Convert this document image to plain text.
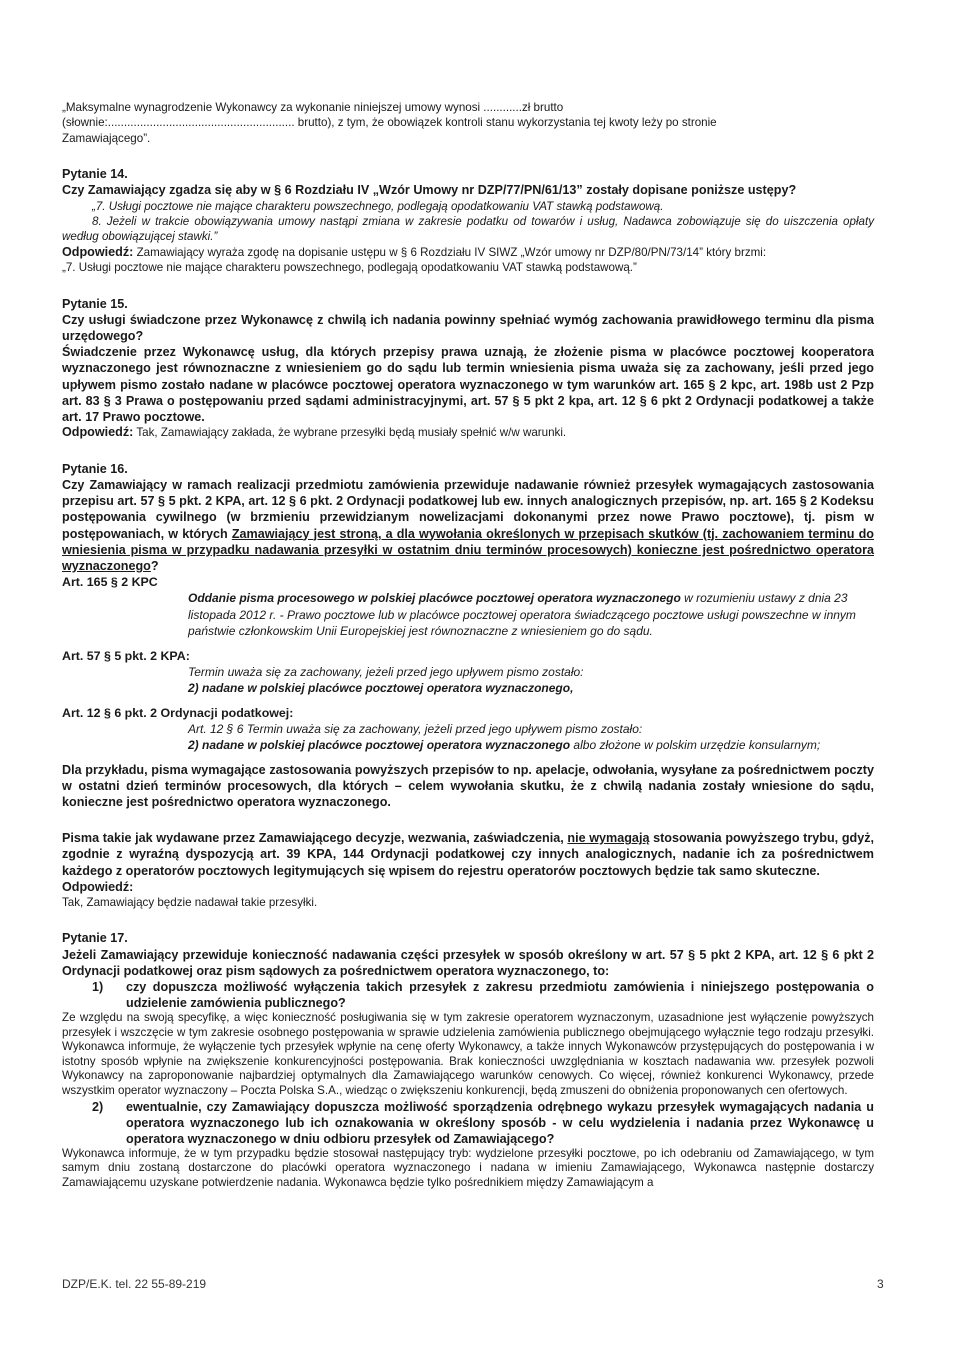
„Maksymalne wynagrodzenie Wykonawcy za wykonanie niniejszej umowy wynosi ............zł brutto
(słownie:.......................................................... brutto), z tym, że obowiązek kontroli stanu wykorzystania tej kwoty leży po stronie
Zamawiającego”.

Pytanie 14.

Czy Zamawiający zgadza się aby w § 6 Rozdziału IV „Wzór Umowy nr DZP/77/PN/61/13” zostały dopisane poniższe ustępy?

„7. Usługi pocztowe nie mające charakteru powszechnego, podlegają opodatkowaniu VAT stawką podstawową.

8. Jeżeli w trakcie obowiązywania umowy nastąpi zmiana w zakresie podatku od towarów i usług, Nadawca zobowiązuje się do uiszczenia opłaty według obowiązującej stawki.”

Odpowiedź: Zamawiający wyraża zgodę na dopisanie ustępu w § 6 Rozdziału IV SIWZ „Wzór umowy nr DZP/80/PN/73/14” który brzmi:

„7. Usługi pocztowe nie mające charakteru powszechnego, podlegają opodatkowaniu VAT stawką podstawową.”

Pytanie 15.

Czy usługi świadczone przez Wykonawcę z chwilą ich nadania powinny spełniać wymóg zachowania prawidłowego terminu dla pisma urzędowego?

Świadczenie przez Wykonawcę usług, dla których przepisy prawa uznają, że złożenie pisma w placówce pocztowej kooperatora wyznaczonego jest równoznaczne z wniesieniem go do sądu lub termin wniesienia pisma uważa się za zachowany, jeśli przed jego upływem pismo zostało nadane w placówce pocztowej operatora wyznaczonego w tym warunków art. 165 § 2 kpc, art. 198b ust 2 Pzp art. 83 § 3 Prawa o postępowaniu przed sądami administracyjnymi, art. 57 § 5 pkt 2 kpa, art. 12 § 6 pkt 2 Ordynacji podatkowej a także art. 17 Prawo pocztowe.

Odpowiedź: Tak, Zamawiający zakłada, że wybrane przesyłki będą musiały spełnić w/w warunki.

Pytanie 16.

Czy Zamawiający w ramach realizacji przedmiotu zamówienia przewiduje nadawanie również przesyłek wymagających zastosowania przepisu art. 57 § 5 pkt. 2 KPA, art. 12 § 6 pkt. 2 Ordynacji podatkowej lub ew. innych analogicznych przepisów, np. art. 165 § 2 Kodeksu postępowania cywilnego (w brzmieniu przewidzianym nowelizacjami dokonanymi przez nowe Prawo pocztowe), tj. pism w postępowaniach, w których Zamawiający jest stroną, a dla wywołania określonych w przepisach skutków (tj. zachowaniem terminu do wniesienia pisma w przypadku nadawania przesyłki w ostatnim dniu terminów procesowych) konieczne jest pośrednictwo operatora wyznaczonego?

Art. 165 § 2 KPC

Oddanie pisma procesowego w polskiej placówce pocztowej operatora wyznaczonego w rozumieniu ustawy z dnia 23 listopada 2012 r. - Prawo pocztowe lub w placówce pocztowej operatora świadczącego pocztowe usługi powszechne w innym państwie członkowskim Unii Europejskiej jest równoznaczne z wniesieniem go do sądu.

Art. 57 § 5 pkt. 2 KPA:

Termin uważa się za zachowany, jeżeli przed jego upływem pismo zostało:

2) nadane w polskiej placówce pocztowej operatora wyznaczonego,

Art. 12 § 6 pkt. 2 Ordynacji podatkowej:

Art. 12 § 6 Termin uważa się za zachowany, jeżeli przed jego upływem pismo zostało:

2) nadane w polskiej placówce pocztowej operatora wyznaczonego albo złożone w polskim urzędzie konsularnym;

Dla przykładu, pisma wymagające zastosowania powyższych przepisów to np. apelacje, odwołania, wysyłane za pośrednictwem poczty w ostatni dzień terminów procesowych, dla których – celem wywołania skutku, że z chwilą nadania zostały wniesione do sądu, konieczne jest pośrednictwo operatora wyznaczonego.

Pisma takie jak wydawane przez Zamawiającego decyzje, wezwania, zaświadczenia, nie wymagają stosowania powyższego trybu, gdyż, zgodnie z wyraźną dyspozycją art. 39 KPA, 144 Ordynacji podatkowej czy innych analogicznych, nadanie ich za pośrednictwem każdego z operatorów pocztowych legitymujących się wpisem do rejestru operatorów pocztowych będzie tak samo skuteczne.

Odpowiedź:

Tak, Zamawiający będzie nadawał takie przesyłki.

Pytanie 17.

Jeżeli Zamawiający przewiduje konieczność nadawania części przesyłek w sposób określony w art. 57 § 5 pkt 2 KPA, art. 12 § 6 pkt 2 Ordynacji podatkowej oraz pism sądowych za pośrednictwem operatora wyznaczonego, to:

1)	czy dopuszcza możliwość wyłączenia takich przesyłek z zakresu przedmiotu zamówienia i niniejszego postępowania o udzielenie zamówienia publicznego?

Ze względu na swoją specyfikę, a więc konieczność posługiwania się w tym zakresie operatorem wyznaczonym, uzasadnione jest wyłączenie powyższych przesyłek i wszczęcie w tym zakresie osobnego postępowania w sprawie udzielenia zamówienia publicznego obejmującego wyłącznie tego rodzaju przesyłki. Wykonawca informuje, że wyłączenie tych przesyłek wpłynie na cenę oferty Wykonawcy, a także innych Wykonawców przystępujących do postępowania i w istotny sposób wpłynie na zwiększenie konkurencyjności postępowania. Brak konieczności uwzględniania w kosztach nadawania ww. przesyłek pozwoli Wykonawcy na zaproponowanie najbardziej optymalnych dla Zamawiającego warunków cenowych. Co więcej, również konkurenci Wykonawcy, przede wszystkim operator wyznaczony – Poczta Polska S.A., wiedząc o zwiększeniu konkurencji, będą zmuszeni do obniżenia proponowanych cen ofertowych.

2)	ewentualnie, czy Zamawiający dopuszcza możliwość sporządzenia odrębnego wykazu przesyłek wymagających nadania u operatora wyznaczonego lub ich oznakowania w określony sposób - w celu wydzielenia i nadania przez Wykonawcę u operatora wyznaczonego w dniu odbioru przesyłek od Zamawiającego?

Wykonawca informuje, że w tym przypadku będzie stosował następujący tryb: wydzielone przesyłki pocztowe, po ich odebraniu od Zamawiającego, w tym samym dniu zostaną dostarczone do placówki operatora wyznaczonego i nadana w imieniu Zamawiającego, Wykonawca następnie dostarczy Zamawiającemu uzyskane potwierdzenie nadania. Wykonawca będzie tylko pośrednikiem między Zamawiającym a

DZP/E.K. tel. 22 55-89-219	3
